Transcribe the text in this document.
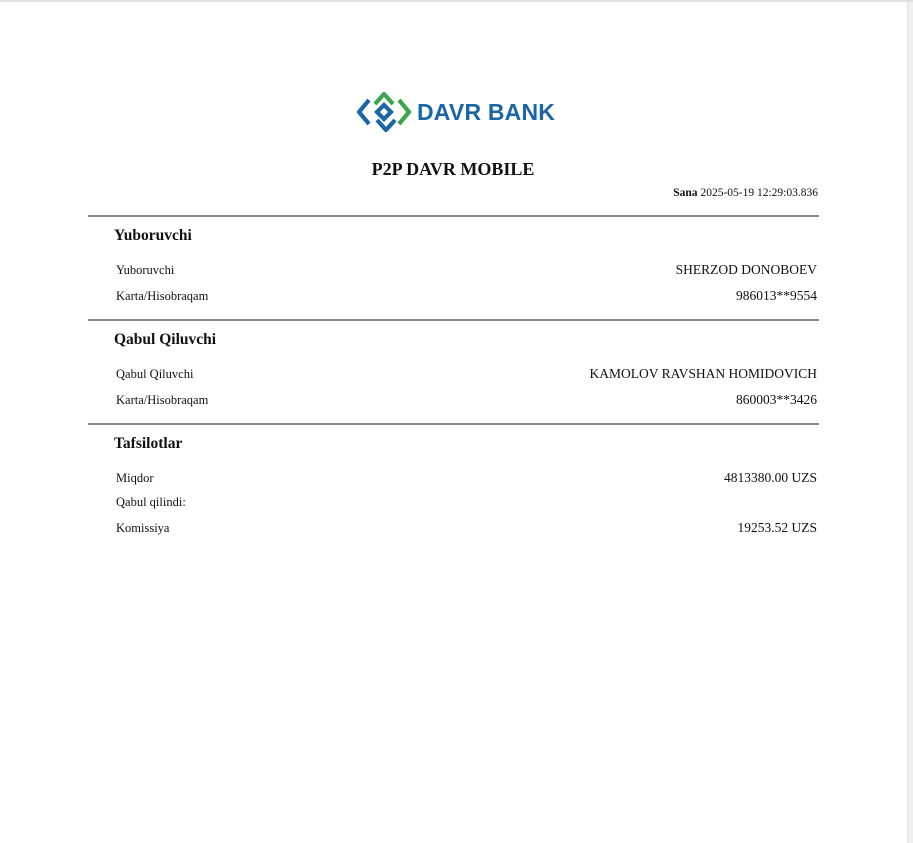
DAVR BANK
P2P DAVR MOBILE
Sana 2025-05-19 12:29:03.836
Yuboruvchi
Yuboruvchi	SHERZOD DONOBOEV
Karta/Hisobraqam	986013**9554
Qabul Qiluvchi
Qabul Qiluvchi	KAMOLOV RAVSHAN HOMIDOVICH
Karta/Hisobraqam	860003**3426
Tafsilotlar
Miqdor	4813380.00 UZS
Qabul qilindi:
Komissiya	19253.52 UZS
